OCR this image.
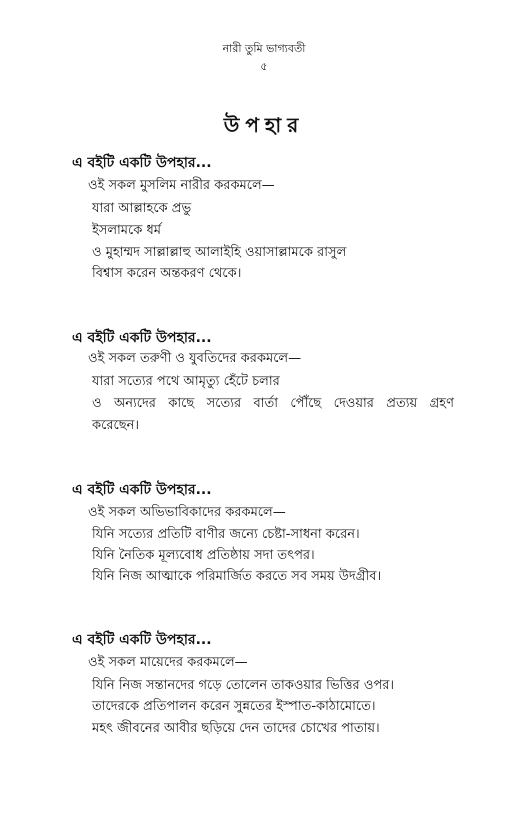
নারী তুমি ভাগ্যবতী
৫
উপহার
এ বইটি একটি উপহার...
ওই সকল মুসলিম নারীর করকমলে—
যারা আল্লাহকে প্রভু
ইসলামকে ধর্ম
ও মুহাম্মদ সাল্লাল্লাহু আলাইহি ওয়াসাল্লামকে রাসুল
বিশ্বাস করেন অন্তকরণ থেকে।
এ বইটি একটি উপহার...
ওই সকল তরুণী ও যুবতিদের করকমলে—
যারা সত্যের পথে আমৃত্যু হেঁটে চলার
ও অন্যদের কাছে সত্যের বার্তা পৌঁছে দেওয়ার প্রত্যয় গ্রহণ
করেছেন।
এ বইটি একটি উপহার...
ওই সকল অভিভাবিকাদের করকমলে—
যিনি সত্যের প্রতিটি বাণীর জন্যে চেষ্টা-সাধনা করেন।
যিনি নৈতিক মূল্যবোধ প্রতিষ্ঠায় সদা তৎপর।
যিনি নিজ আত্মাকে পরিমার্জিত করতে সব সময় উদগ্রীব।
এ বইটি একটি উপহার...
ওই সকল মায়েদের করকমলে—
যিনি নিজ সন্তানদের গড়ে তোলেন তাকওয়ার ভিত্তির ওপর।
তাদেরকে প্রতিপালন করেন সুন্নতের ইস্পাত-কাঠামোতে।
মহৎ জীবনের আবীর ছড়িয়ে দেন তাদের চোখের পাতায়।
